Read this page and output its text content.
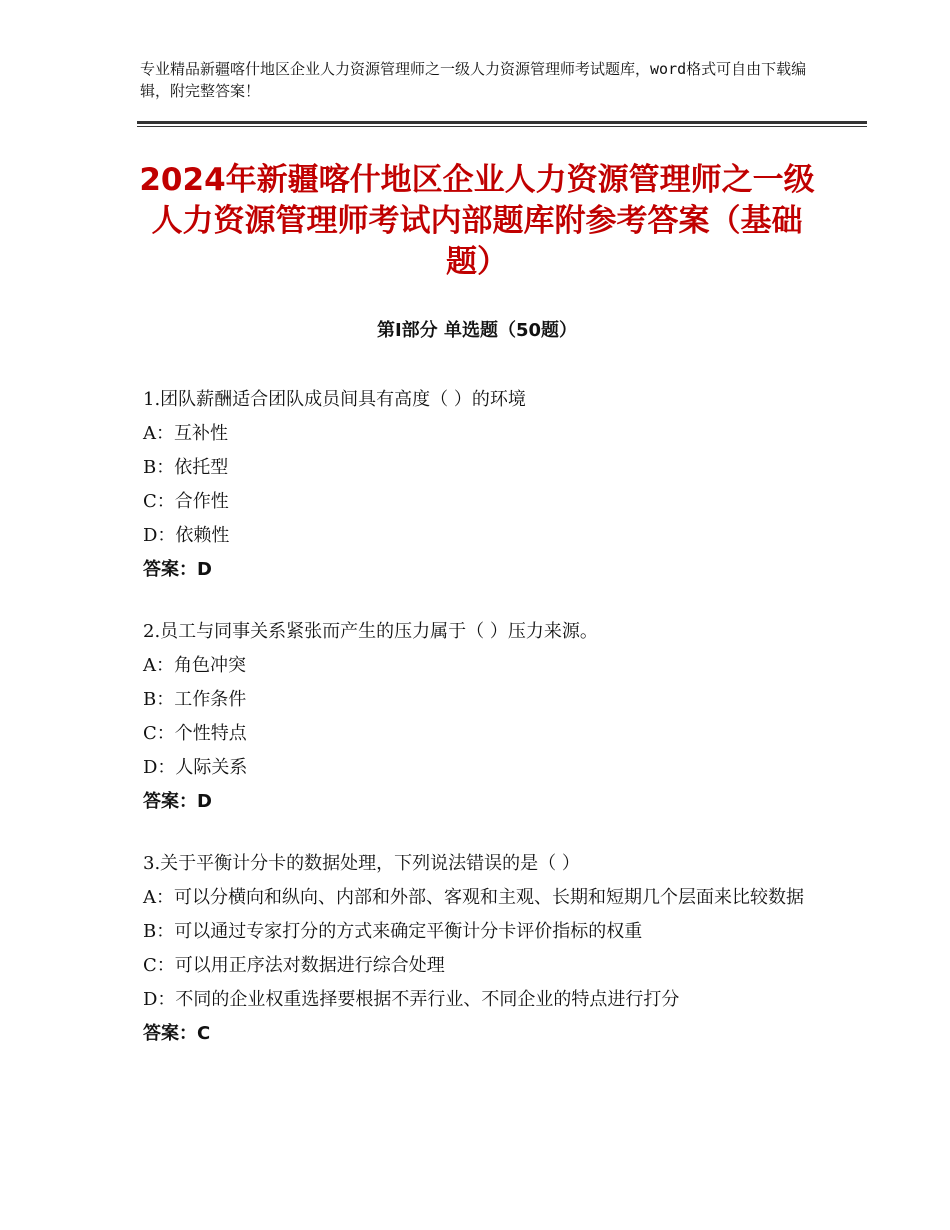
专业精品新疆喀什地区企业人力资源管理师之一级人力资源管理师考试题库，word格式可自由下载编辑，附完整答案！
2024年新疆喀什地区企业人力资源管理师之一级人力资源管理师考试内部题库附参考答案（基础题）
第Ⅰ部分 单选题（50题）
1.团队薪酬适合团队成员间具有高度（ ）的环境
A：互补性
B：依托型
C：合作性
D：依赖性
答案：D
2.员工与同事关系紧张而产生的压力属于（ ）压力来源。
A：角色冲突
B：工作条件
C：个性特点
D：人际关系
答案：D
3.关于平衡计分卡的数据处理，下列说法错误的是（ ）
A：可以分横向和纵向、内部和外部、客观和主观、长期和短期几个层面来比较数据
B：可以通过专家打分的方式来确定平衡计分卡评价指标的权重
C：可以用正序法对数据进行综合处理
D：不同的企业权重选择要根据不弄行业、不同企业的特点进行打分
答案：C
